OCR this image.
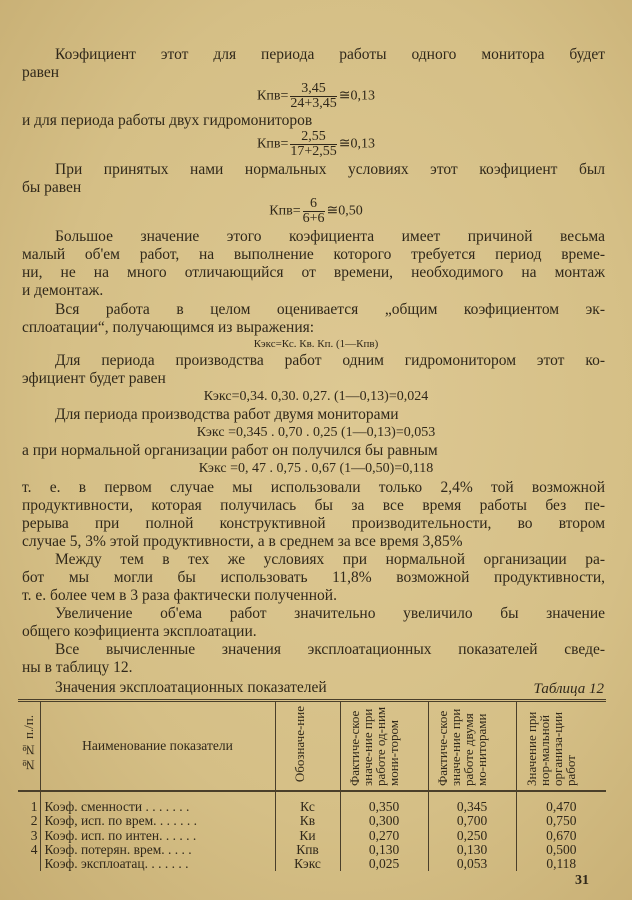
Коэфициент этот для периода работы одного монитора будет
равен
$Кпв= \frac{3,45}{24+3,45}$ ≅0,13
и для периода работы двух гидромониторов
$Кпв= \frac{2,55}{17+2,55}$ ≅0,13
При принятых нами нормальных условиях этот коэфициент был
бы равен
$Кпв= \frac{6}{6+6}$ ≅0,50
Большое значение этого коэфициента имеет причиной весьма
малый об'ем работ, на выполнение которого требуется период време-
ни, не на много отличающийся от времени, необходимого на монтаж
и демонтаж.
Вся работа в целом оценивается „общим коэфициентом эк-
сплоатации“, получающимся из выражения:
Кэкс=Кс. Кв. Кп. (1—Кпв)
Для периода производства работ одним гидромонитором этот ко-
эфициент будет равен
Кэкс=0,34. 0,30. 0,27. (1—0,13)=0,024
Для периода производства работ двумя мониторами
Кэкс =0,345 . 0,70 . 0,25 (1—0,13)=0,053
а при нормальной организации работ он получился бы равным
Кэкс =0, 47 . 0,75 . 0,67 (1—0,50)=0,118
т. е. в первом случае мы использовали только 2,4% той возможной
продуктивности, которая получилась бы за все время работы без пе-
рерыва при полной конструктивной производительности, во втором
случае 5, 3% этой продуктивности, а в среднем за все время 3,85%
Между тем в тех же условиях при нормальной организации ра-
бот мы могли бы использовать 11,8% возможной продуктивности,
т. е. более чем в 3 раза фактически полученной.
Увеличение об'ема работ значительно увеличило бы значение
общего коэфициента эксплоатации.
Все вычисленные значения эксплоатационных показателей сведе-
ны в таблицу 12.
Значения эксплоатационных показателей	Таблица 12
№№ п./п.	Наименование показатели	Обозначе-ние	Фактиче-ское значе-ние при работе од-ним мони-тором	Фактиче-ское значе-ние при работе двумя мо-ниторами	Значение при нор-мальной организа-ции работ
1	Коэф. сменности . . . . . . .	Кс	0,350	0,345	0,470
2	Коэф, исп. по врем. . . . . . .	Кв	0,300	0,700	0,750
3	Коэф. исп. по интен. . . . . .	Ки	0,270	0,250	0,670
4	Коэф. потерян. врем. . . . .	Кпв	0,130	0,130	0,500
	Коэф. эксплоатац. . . . . . .	Кэкс	0,025	0,053	0,118
31
